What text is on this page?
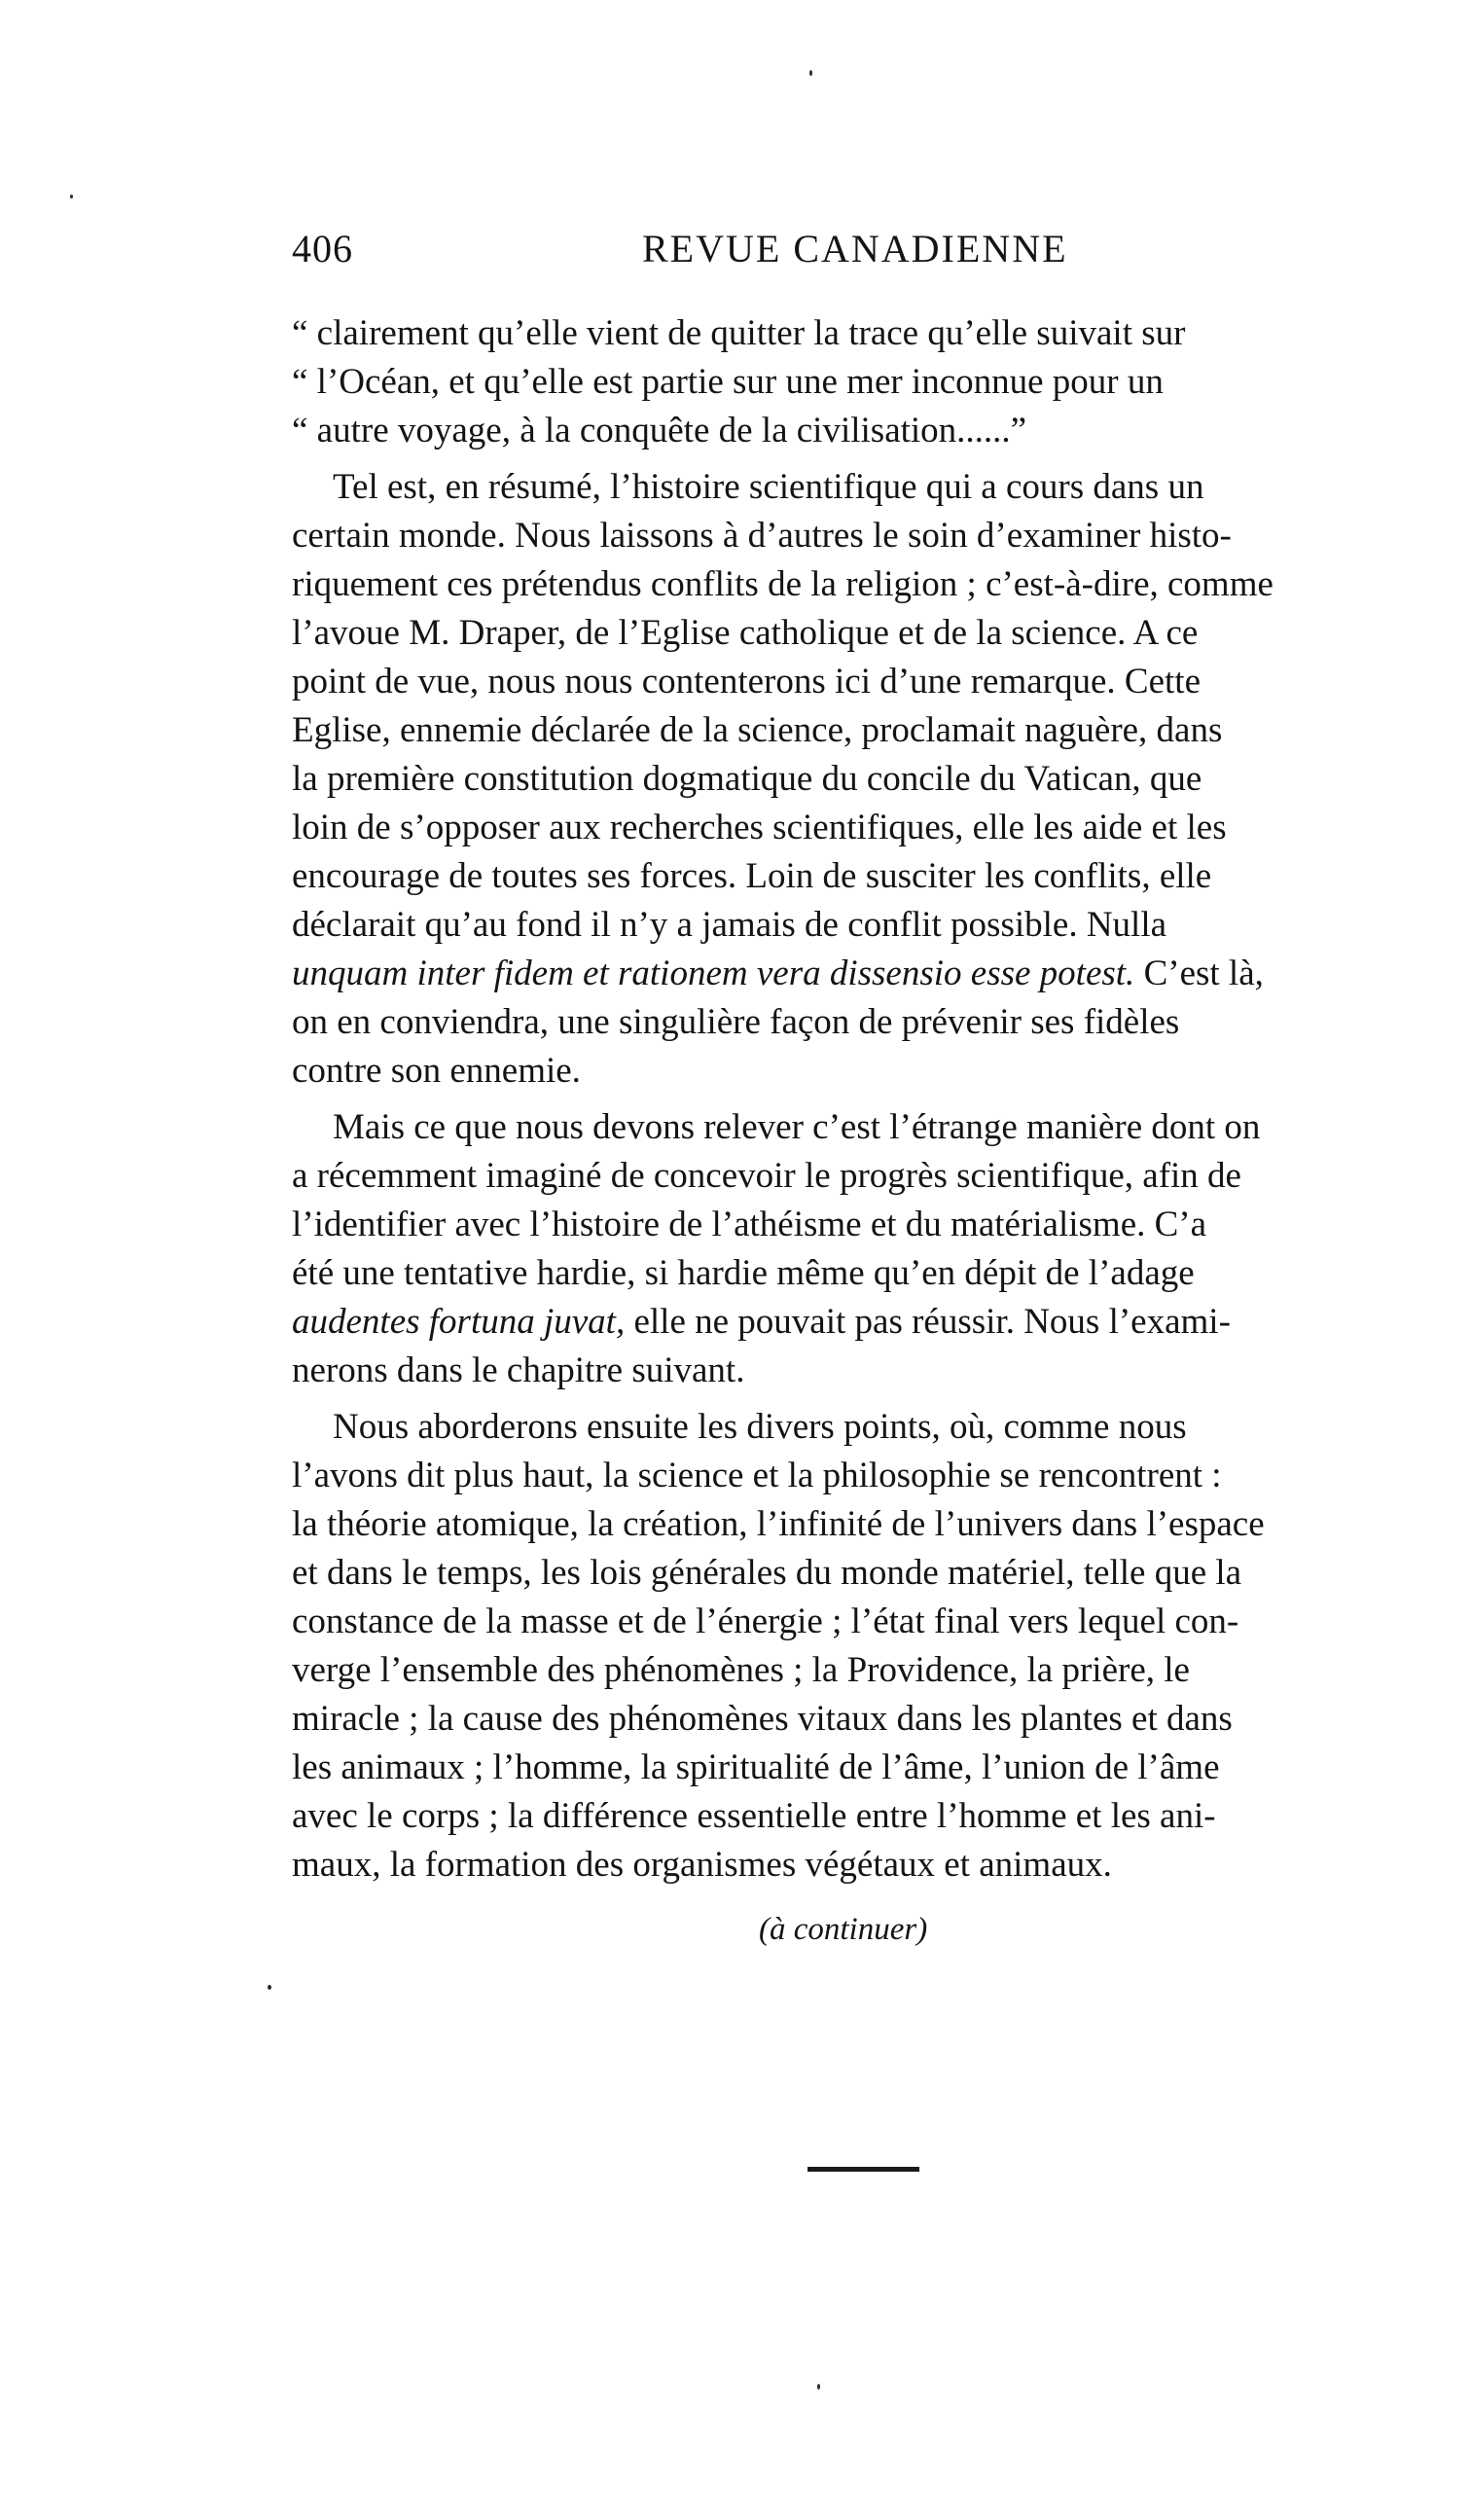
406	REVUE CANADIENNE
“ clairement qu’elle vient de quitter la trace qu’elle suivait sur
“ l’Océan, et qu’elle est partie sur une mer inconnue pour un
“ autre voyage, à la conquête de la civilisation......”
Tel est, en résumé, l’histoire scientifique qui a cours dans un
certain monde. Nous laissons à d’autres le soin d’examiner histo-
riquement ces prétendus conflits de la religion ; c’est-à-dire, comme
l’avoue M. Draper, de l’Eglise catholique et de la science. A ce
point de vue, nous nous contenterons ici d’une remarque. Cette
Eglise, ennemie déclarée de la science, proclamait naguère, dans
la première constitution dogmatique du concile du Vatican, que
loin de s’opposer aux recherches scientifiques, elle les aide et les
encourage de toutes ses forces. Loin de susciter les conflits, elle
déclarait qu’au fond il n’y a jamais de conflit possible. Nulla
unquam inter fidem et rationem vera dissensio esse potest. C’est là,
on en conviendra, une singulière façon de prévenir ses fidèles
contre son ennemie.
Mais ce que nous devons relever c’est l’étrange manière dont on
a récemment imaginé de concevoir le progrès scientifique, afin de
l’identifier avec l’histoire de l’athéisme et du matérialisme. C’a
été une tentative hardie, si hardie même qu’en dépit de l’adage
audentes fortuna juvat, elle ne pouvait pas réussir. Nous l’exami-
nerons dans le chapitre suivant.
Nous aborderons ensuite les divers points, où, comme nous
l’avons dit plus haut, la science et la philosophie se rencontrent :
la théorie atomique, la création, l’infinité de l’univers dans l’espace
et dans le temps, les lois générales du monde matériel, telle que la
constance de la masse et de l’énergie ; l’état final vers lequel con-
verge l’ensemble des phénomènes ; la Providence, la prière, le
miracle ; la cause des phénomènes vitaux dans les plantes et dans
les animaux ; l’homme, la spiritualité de l’âme, l’union de l’âme
avec le corps ; la différence essentielle entre l’homme et les ani-
maux, la formation des organismes végétaux et animaux.
(à continuer)
